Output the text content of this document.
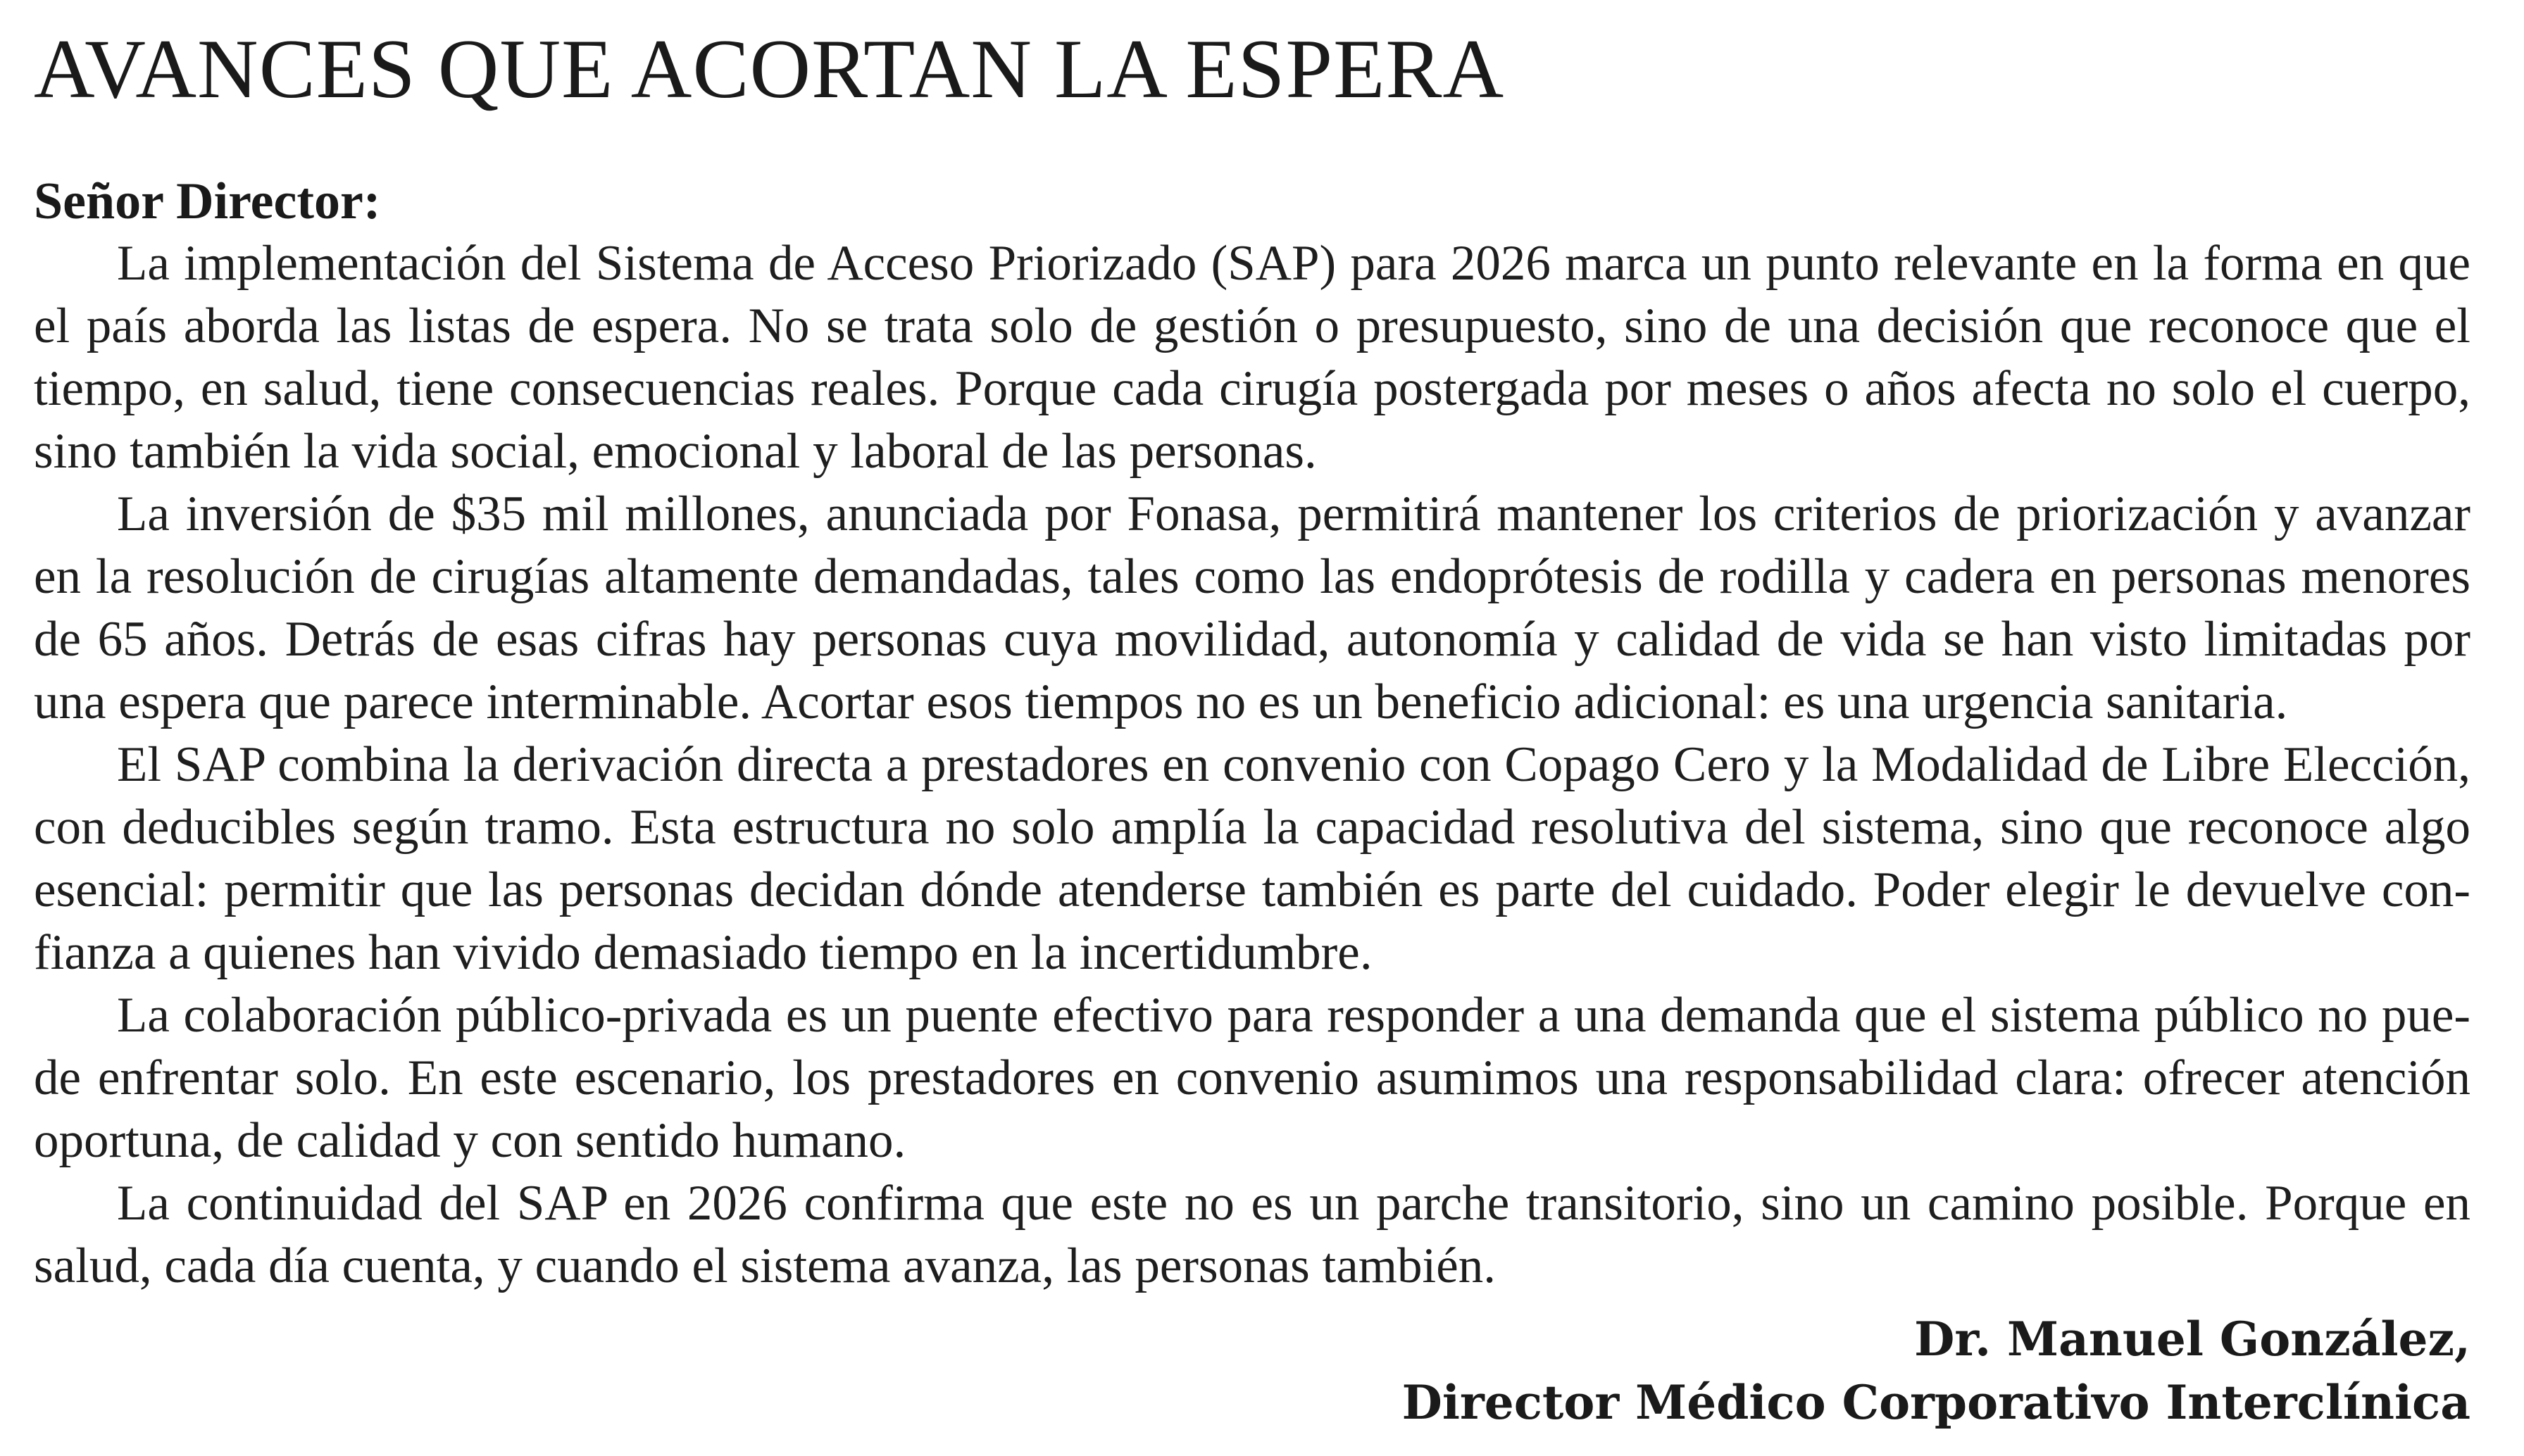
AVANCES QUE ACORTAN LA ESPERA

Señor Director:

La implementación del Sistema de Acceso Priorizado (SAP) para 2026 marca un punto relevante en la forma en que el país aborda las listas de espera. No se trata solo de gestión o presupuesto, sino de una decisión que reconoce que el tiempo, en salud, tiene consecuencias reales. Porque cada cirugía postergada por meses o años afecta no solo el cuerpo, sino también la vida social, emocional y laboral de las personas.

La inversión de $35 mil millones, anunciada por Fonasa, permitirá mantener los criterios de priorización y avanzar en la resolución de cirugías altamente demandadas, tales como las endoprótesis de rodilla y cadera en personas menores de 65 años. Detrás de esas cifras hay personas cuya movilidad, autonomía y calidad de vida se han visto limitadas por una espera que parece interminable. Acortar esos tiempos no es un beneficio adicional: es una urgencia sanitaria.

El SAP combina la derivación directa a prestadores en convenio con Copago Cero y la Modalidad de Libre Elección, con deducibles según tramo. Esta estructura no solo amplía la capacidad resolutiva del sistema, sino que reconoce algo esencial: permitir que las personas decidan dónde atenderse también es parte del cuidado. Poder elegir le devuelve confianza a quienes han vivido demasiado tiempo en la incertidumbre.

La colaboración público-privada es un puente efectivo para responder a una demanda que el sistema público no puede enfrentar solo. En este escenario, los prestadores en convenio asumimos una responsabilidad clara: ofrecer atención oportuna, de calidad y con sentido humano.

La continuidad del SAP en 2026 confirma que este no es un parche transitorio, sino un camino posible. Porque en salud, cada día cuenta, y cuando el sistema avanza, las personas también.

Dr. Manuel González,
Director Médico Corporativo Interclínica
